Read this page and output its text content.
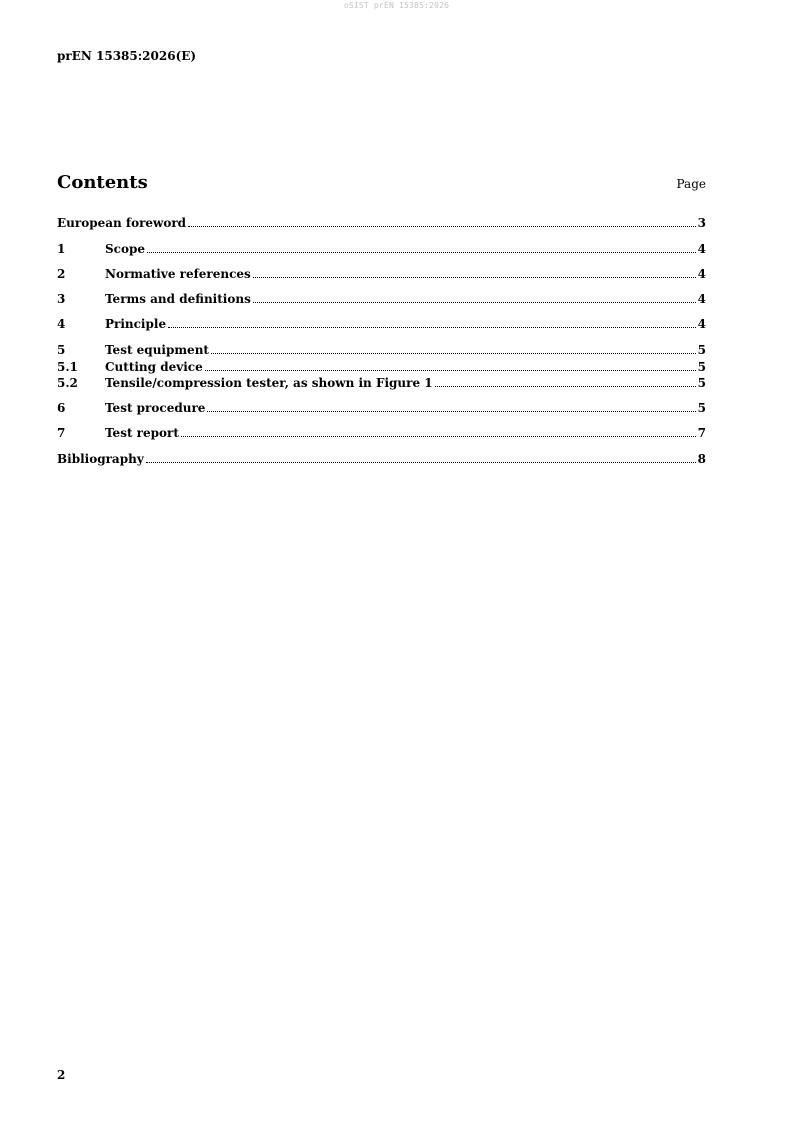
oSIST prEN 15385:2026
prEN 15385:2026(E)
Contents	Page
European foreword	3
1	Scope	4
2	Normative references	4
3	Terms and definitions	4
4	Principle	4
5	Test equipment	5
5.1	Cutting device	5
5.2	Tensile/compression tester, as shown in Figure 1	5
6	Test procedure	5
7	Test report	7
Bibliography	8
2
